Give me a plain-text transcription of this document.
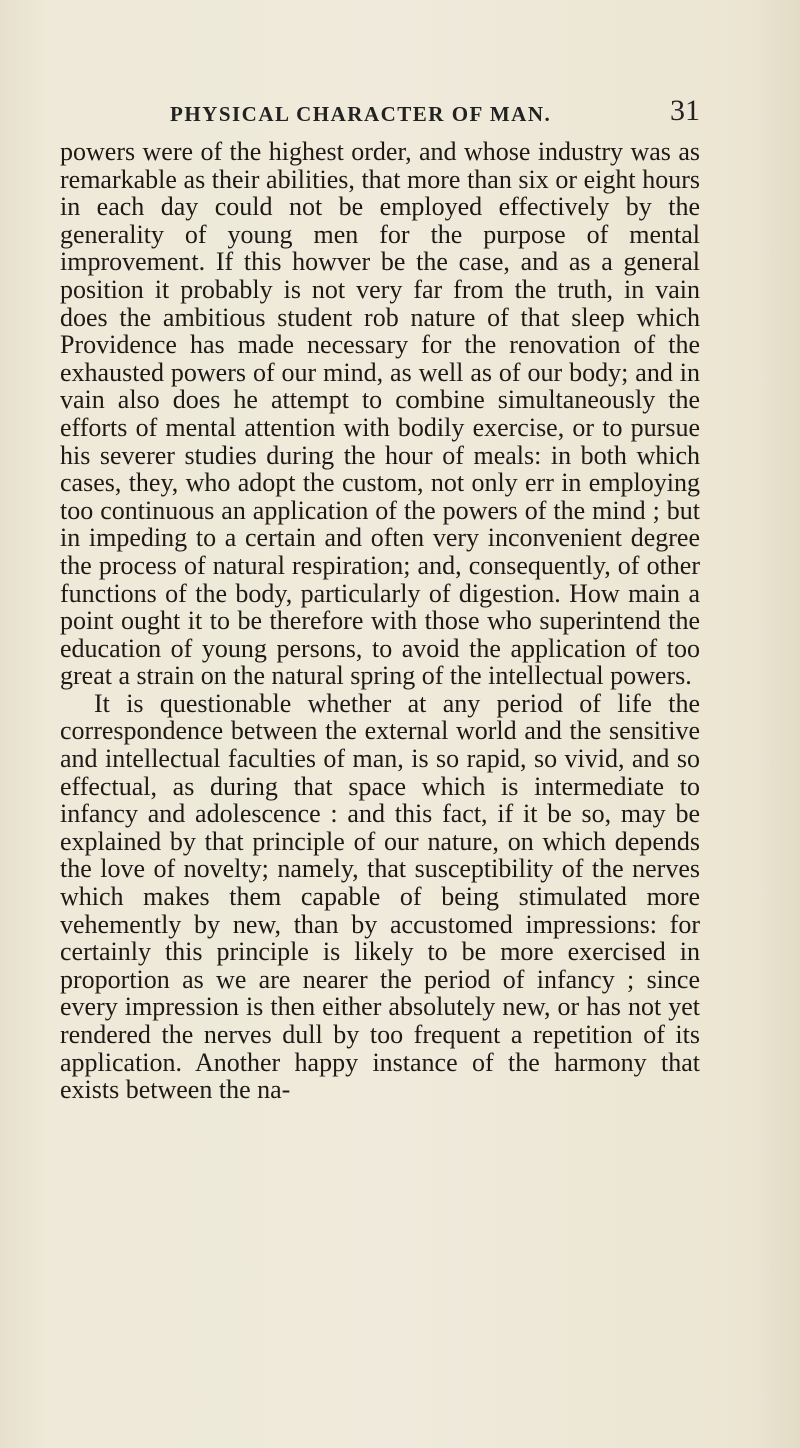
PHYSICAL CHARACTER OF MAN.	31

powers were of the highest order, and whose industry was as remarkable as their abilities, that more than six or eight hours in each day could not be employed effectively by the generality of young men for the purpose of mental improvement. If this howver be the case, and as a general position it probably is not very far from the truth, in vain does the ambitious student rob nature of that sleep which Providence has made necessary for the renovation of the exhausted powers of our mind, as well as of our body; and in vain also does he attempt to combine simultaneously the efforts of mental attention with bodily exercise, or to pursue his severer studies during the hour of meals: in both which cases, they, who adopt the custom, not only err in employing too continuous an application of the powers of the mind ; but in impeding to a certain and often very inconvenient degree the process of natural respiration; and, consequently, of other functions of the body, particularly of digestion. How main a point ought it to be therefore with those who superintend the education of young persons, to avoid the application of too great a strain on the natural spring of the intellectual powers.

It is questionable whether at any period of life the correspondence between the external world and the sensitive and intellectual faculties of man, is so rapid, so vivid, and so effectual, as during that space which is intermediate to infancy and adolescence : and this fact, if it be so, may be explained by that principle of our nature, on which depends the love of novelty; namely, that susceptibility of the nerves which makes them capable of being stimulated more vehemently by new, than by accustomed impressions: for certainly this principle is likely to be more exercised in proportion as we are nearer the period of infancy ; since every impression is then either absolutely new, or has not yet rendered the nerves dull by too frequent a repetition of its application. Another happy instance of the harmony that exists between the na-
